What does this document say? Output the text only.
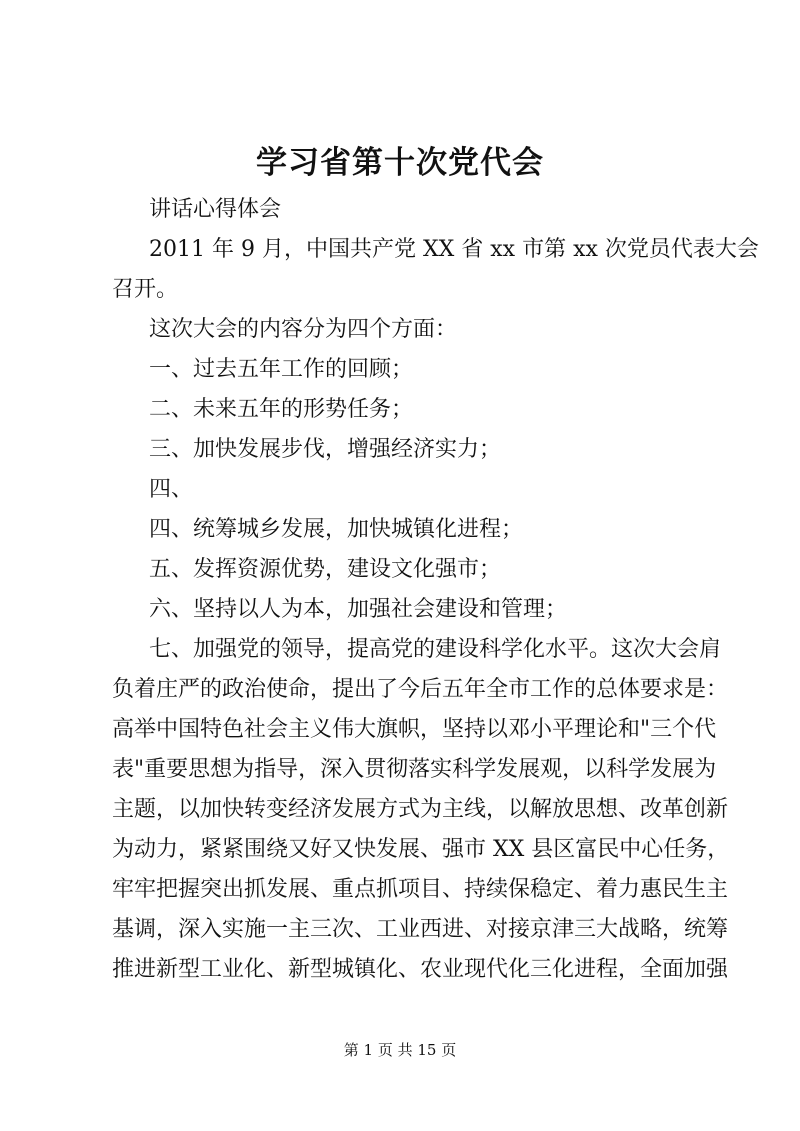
学习省第十次党代会
讲话心得体会
2011 年 9 月，中国共产党 XX 省 xx 市第 xx 次党员代表大会
召开。
这次大会的内容分为四个方面：
一、过去五年工作的回顾；
二、未来五年的形势任务；
三、加快发展步伐，增强经济实力；
四、
四、统筹城乡发展，加快城镇化进程；
五、发挥资源优势，建设文化强市；
六、坚持以人为本，加强社会建设和管理；
七、加强党的领导，提高党的建设科学化水平。这次大会肩
负着庄严的政治使命，提出了今后五年全市工作的总体要求是：
高举中国特色社会主义伟大旗帜，坚持以邓小平理论和"三个代
表"重要思想为指导，深入贯彻落实科学发展观，以科学发展为
主题，以加快转变经济发展方式为主线，以解放思想、改革创新
为动力，紧紧围绕又好又快发展、强市 XX 县区富民中心任务，
牢牢把握突出抓发展、重点抓项目、持续保稳定、着力惠民生主
基调，深入实施一主三次、工业西进、对接京津三大战略，统筹
推进新型工业化、新型城镇化、农业现代化三化进程，全面加强
第 1 页 共 15 页
